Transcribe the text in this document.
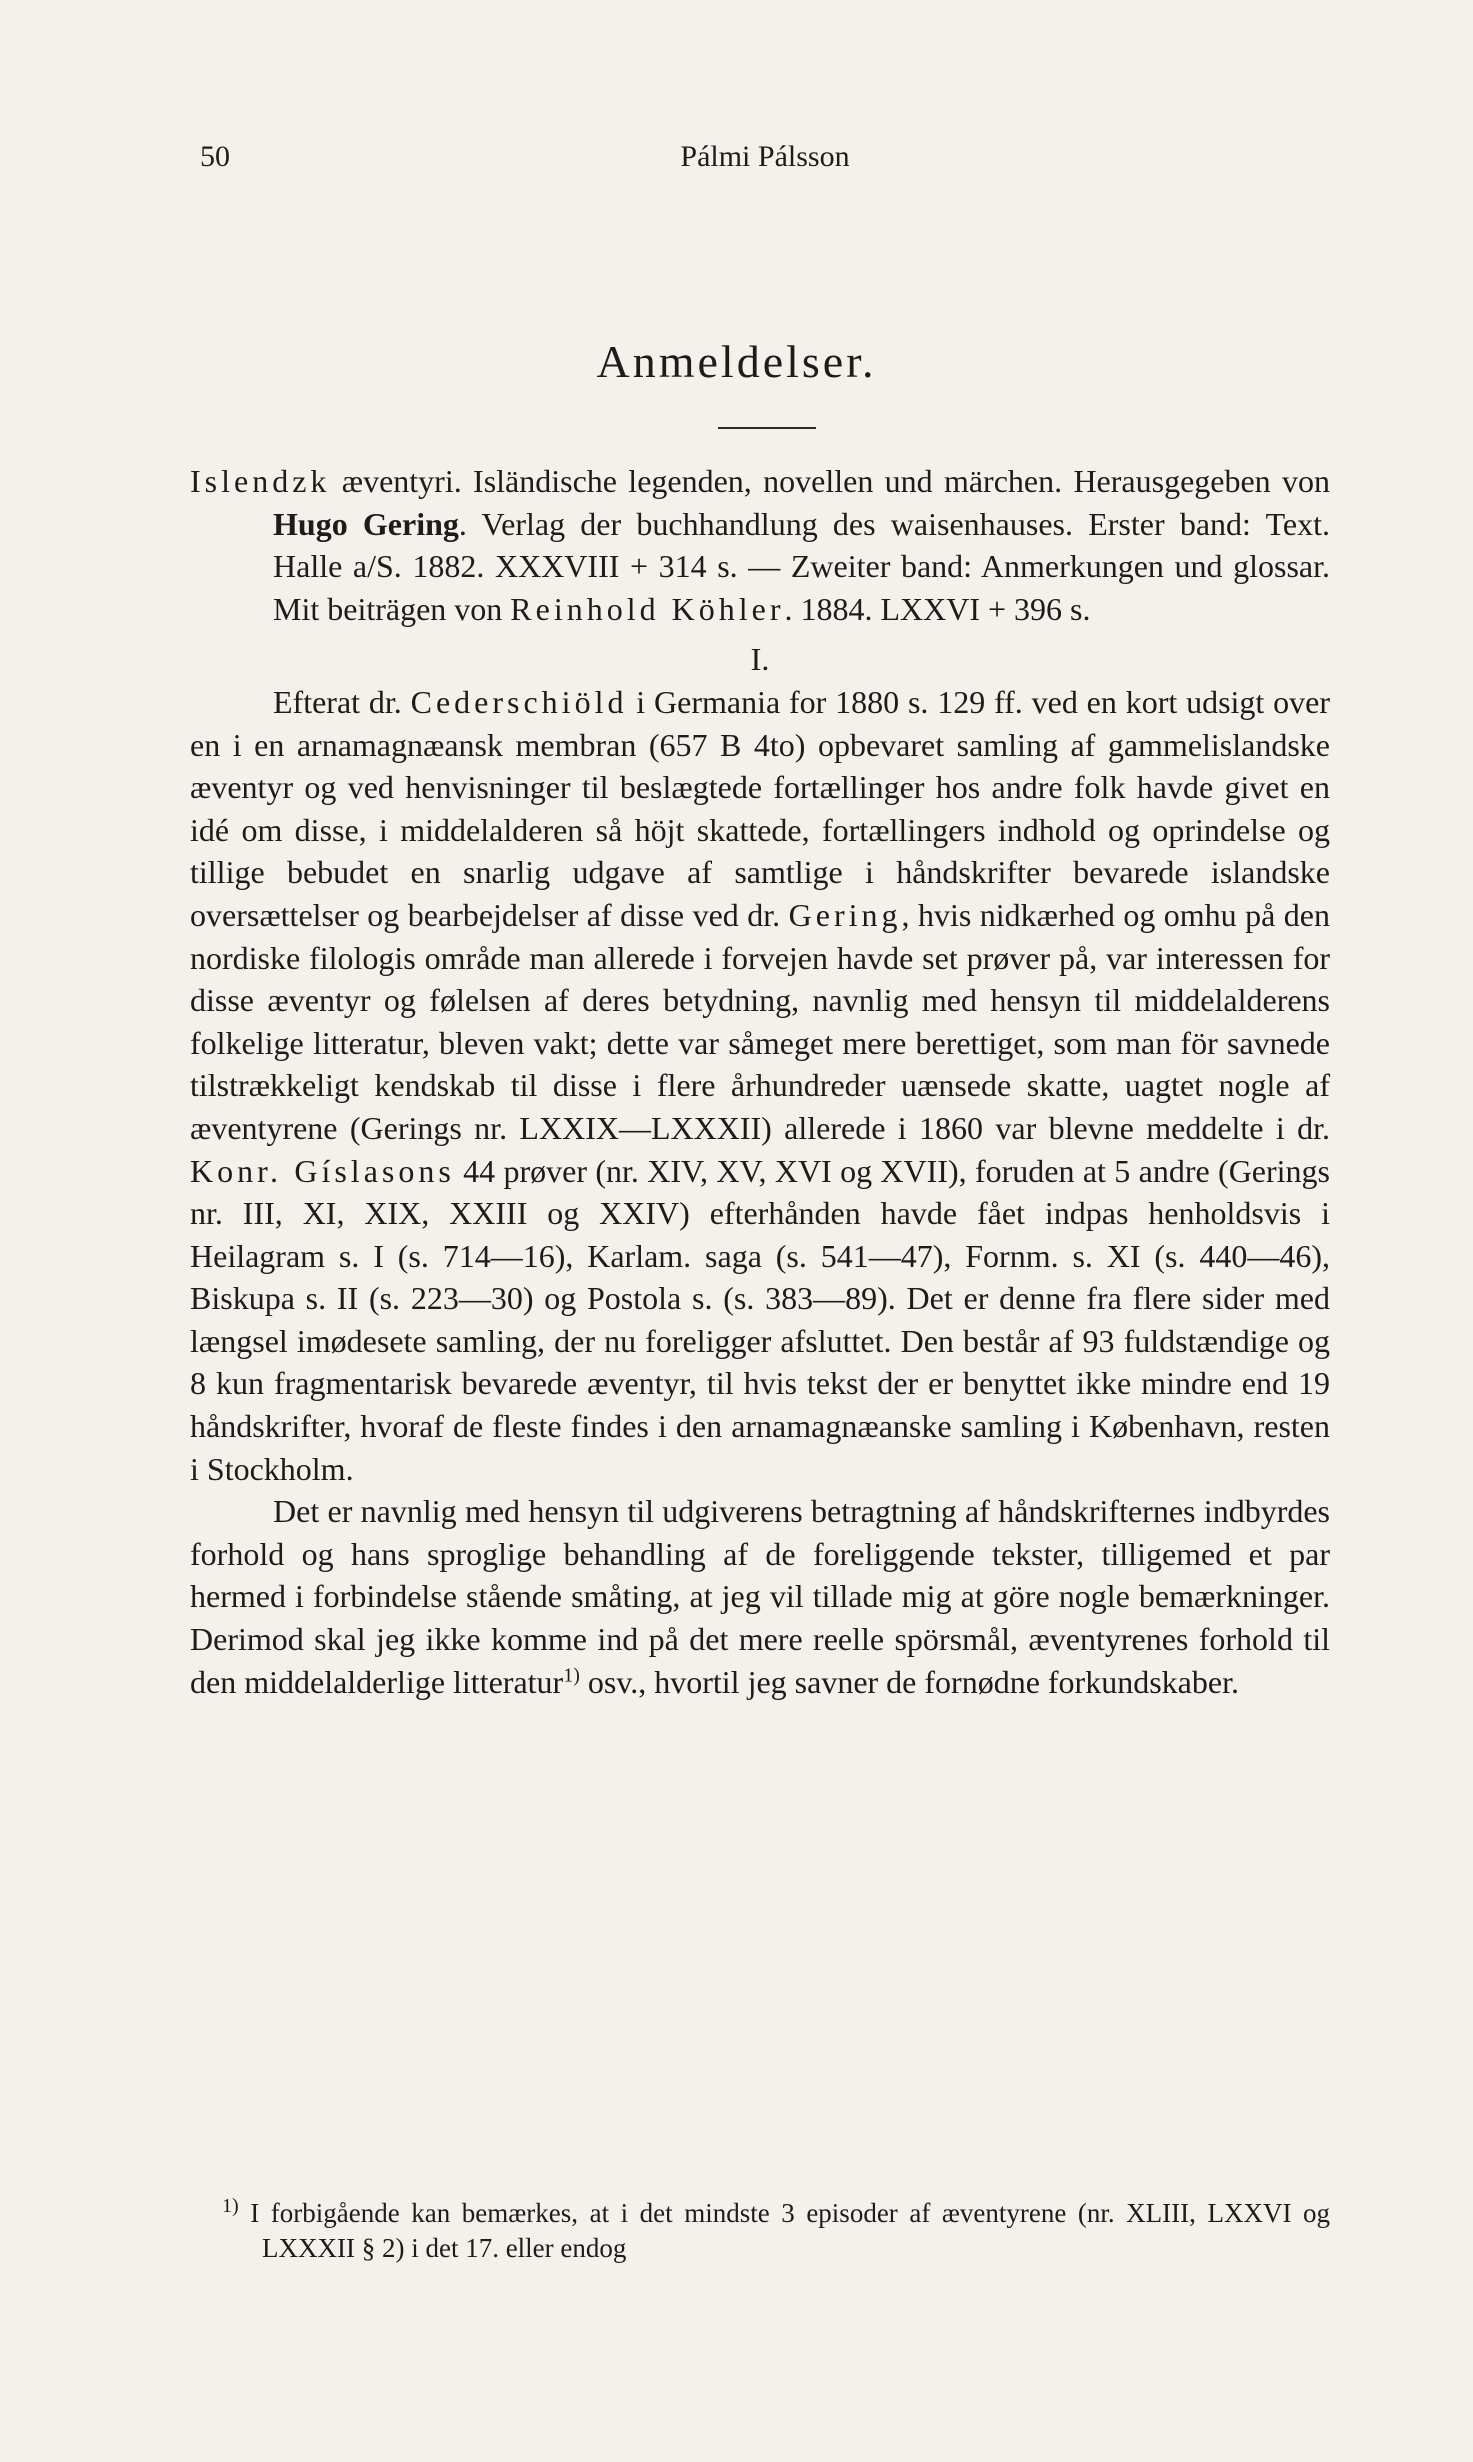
50	Pálmi Pálsson
Anmeldelser.

Islendzk æventyri. Isländische legenden, novellen und märchen. Herausgegeben von Hugo Gering. Verlag der buchhandlung des waisenhauses. Erster band: Text. Halle a/S. 1882. XXXVIII + 314 s. — Zweiter band: Anmerkungen und glossar. Mit beiträgen von Reinhold Köhler. 1884. LXXVI + 396 s.

I.

Efterat dr. Cederschiöld i Germania for 1880 s. 129 ff. ved en kort udsigt over en i en arnamagnæansk membran (657 B 4to) opbevaret samling af gammelislandske æventyr og ved henvisninger til beslægtede fortællinger hos andre folk havde givet en idé om disse, i middelalderen så höjt skattede, fortællingers indhold og oprindelse og tillige bebudet en snarlig udgave af samtlige i håndskrifter bevarede islandske oversættelser og bearbejdelser af disse ved dr. Gering, hvis nidkærhed og omhu på den nordiske filologis område man allerede i forvejen havde set prøver på, var interessen for disse æventyr og følelsen af deres betydning, navnlig med hensyn til middelalderens folkelige litteratur, bleven vakt; dette var såmeget mere berettiget, som man för savnede tilstrækkeligt kendskab til disse i flere århundreder uænsede skatte, uagtet nogle af æventyrene (Gerings nr. LXXIX—LXXXII) allerede i 1860 var blevne meddelte i dr. Konr. Gíslasons 44 prøver (nr. XIV, XV, XVI og XVII), foruden at 5 andre (Gerings nr. III, XI, XIX, XXIII og XXIV) efterhånden havde fået indpas henholdsvis i Heilagram s. I (s. 714—16), Karlam. saga (s. 541—47), Fornm. s. XI (s. 440—46), Biskupa s. II (s. 223—30) og Postola s. (s. 383—89). Det er denne fra flere sider med længsel imødesete samling, der nu foreligger afsluttet. Den består af 93 fuldstændige og 8 kun fragmentarisk bevarede æventyr, til hvis tekst der er benyttet ikke mindre end 19 håndskrifter, hvoraf de fleste findes i den arnamagnæanske samling i København, resten i Stockholm.

Det er navnlig med hensyn til udgiverens betragtning af håndskrifternes indbyrdes forhold og hans sproglige behandling af de foreliggende tekster, tilligemed et par hermed i forbindelse stående småting, at jeg vil tillade mig at göre nogle bemærkninger. Derimod skal jeg ikke komme ind på det mere reelle spörsmål, æventyrenes forhold til den middelalderlige litteratur$^{1)}$ osv., hvortil jeg savner de fornødne forkundskaber.

$^{1)}$ I forbigående kan bemærkes, at i det mindste 3 episoder af æventyrene (nr. XLIII, LXXVI og LXXXII § 2) i det 17. eller endog
